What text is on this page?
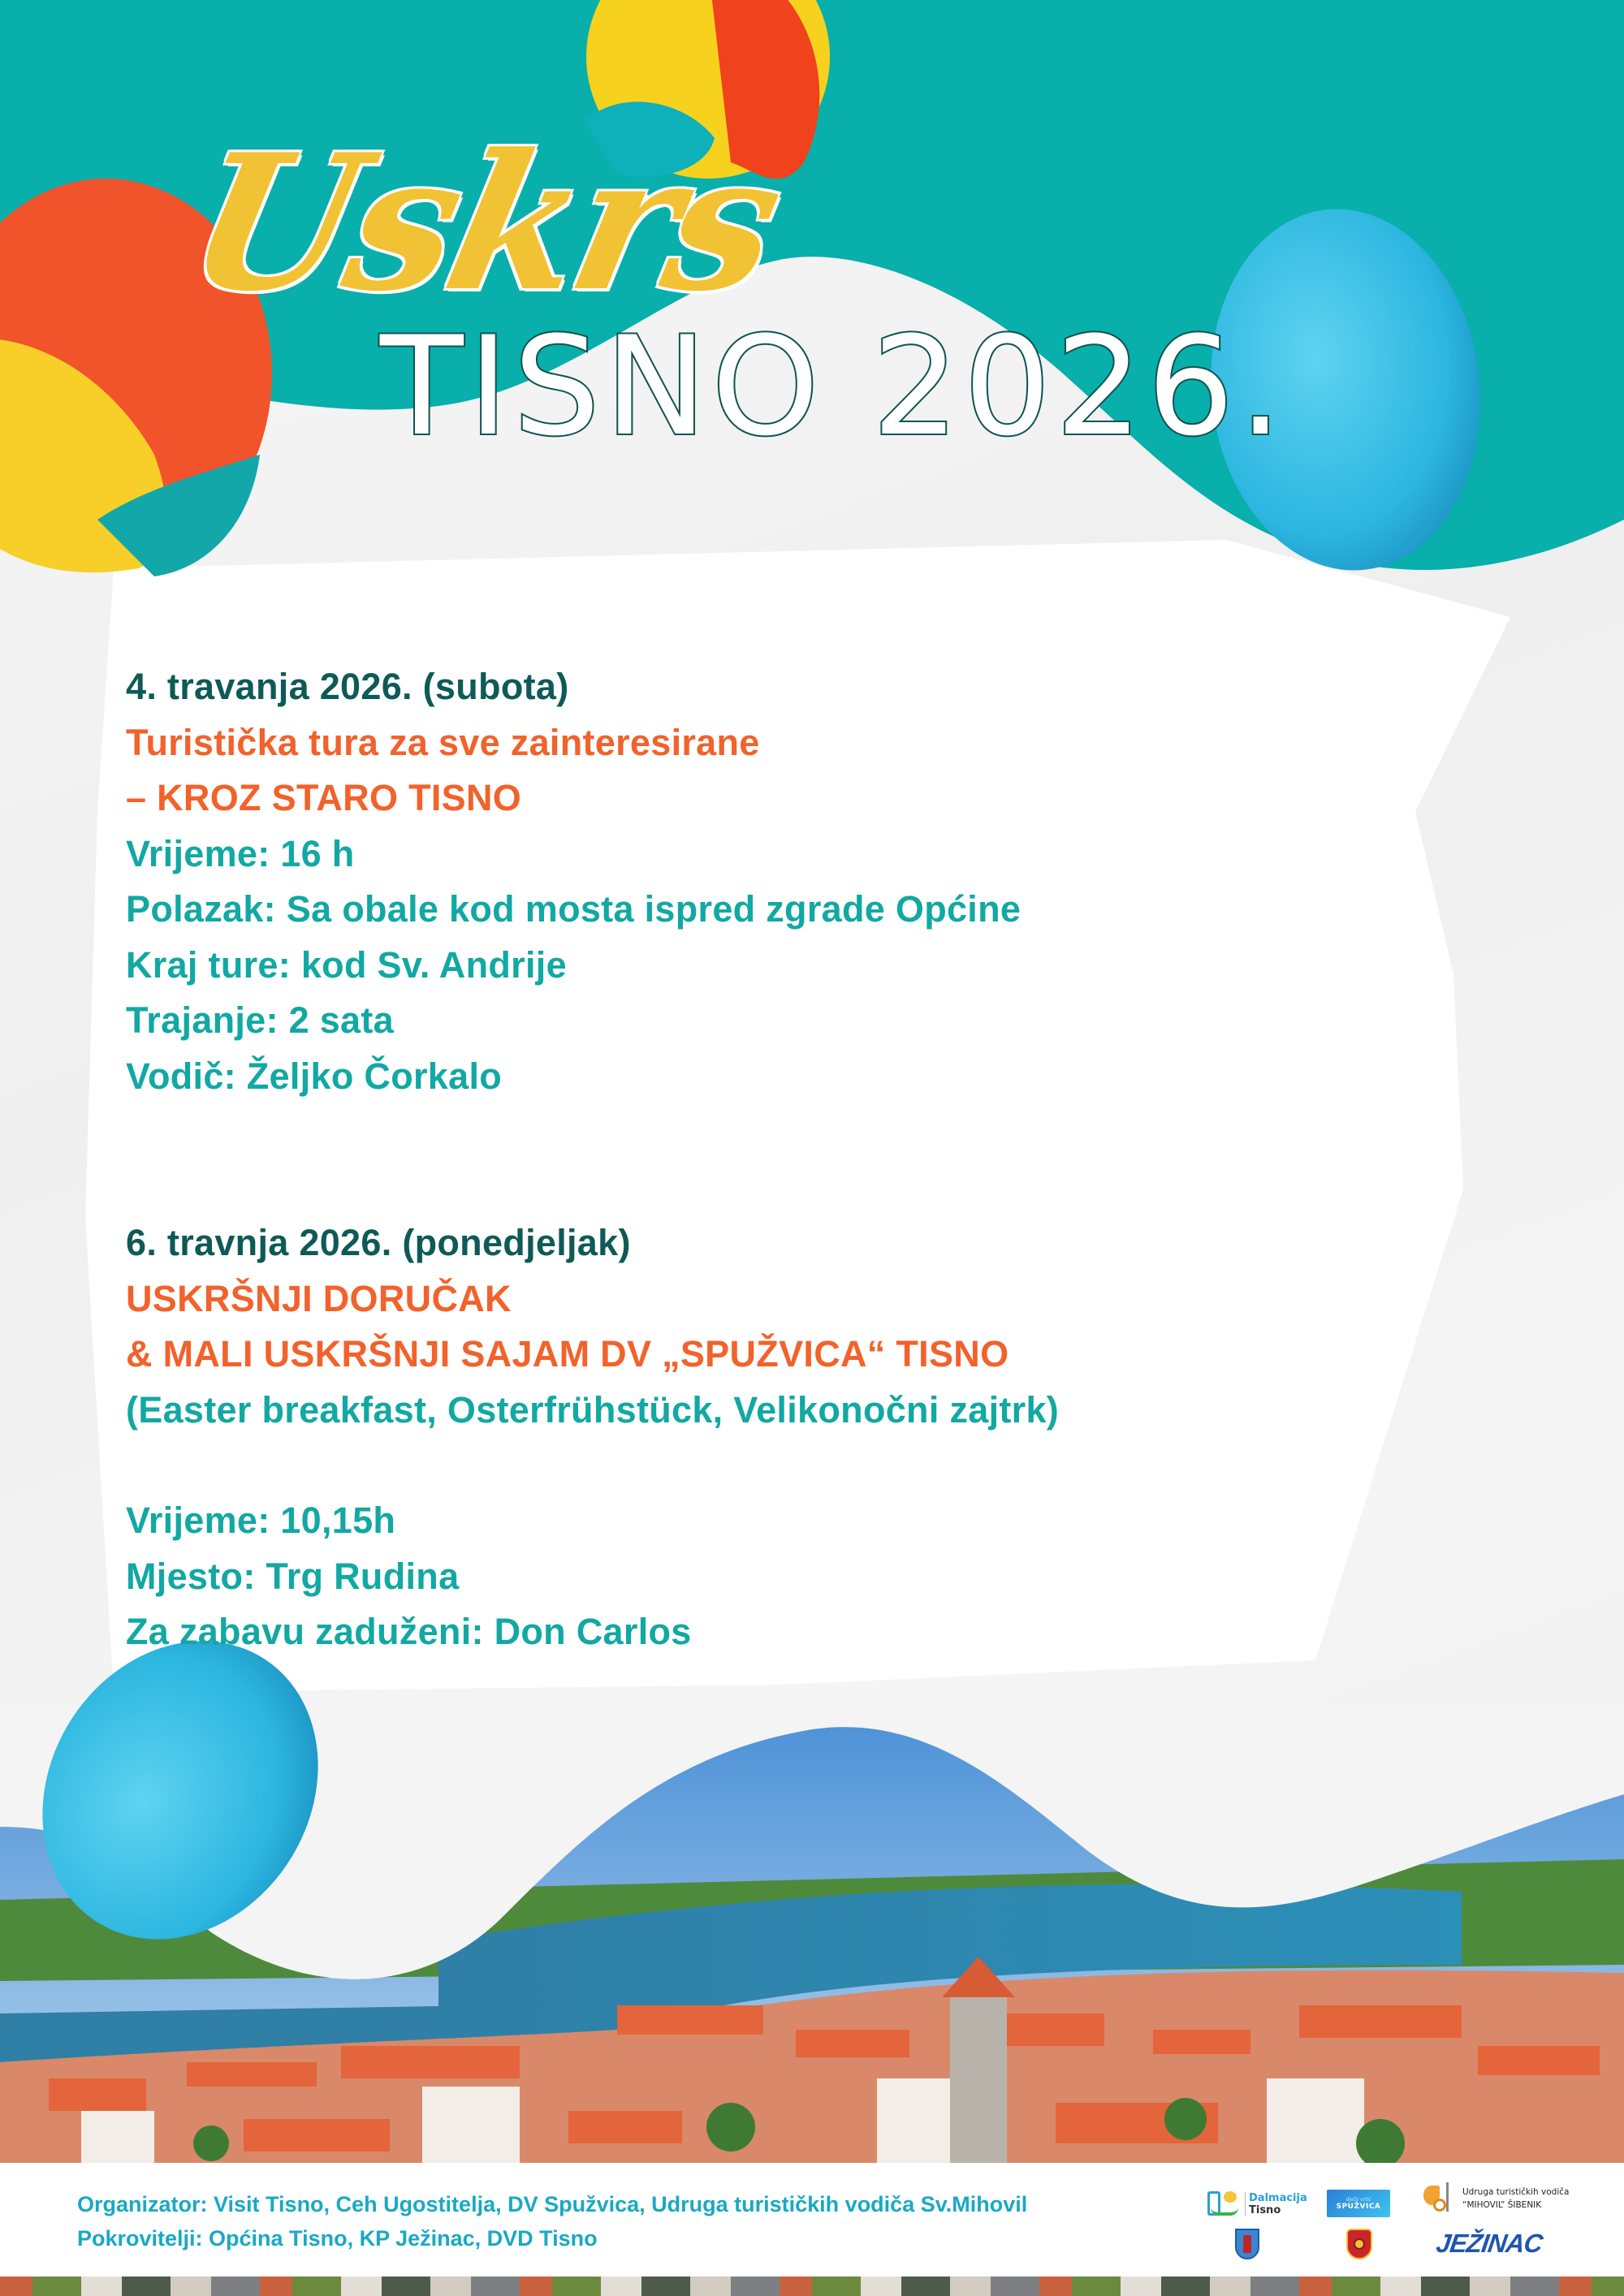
Uskrs
TISNO 2026.
4. travanja 2026. (subota)
Turistička tura za sve zainteresirane
– KROZ STARO TISNO
Vrijeme: 16 h
Polazak: Sa obale kod mosta ispred zgrade Općine
Kraj ture: kod Sv. Andrije
Trajanje: 2 sata
Vodič: Željko Čorkalo
6. travnja 2026. (ponedjeljak)
USKRŠNJI DORUČAK
& MALI USKRŠNJI SAJAM DV „SPUŽVICA“ TISNO
(Easter breakfast, Osterfrühstück, Velikonočni zajtrk)
Vrijeme: 10,15h
Mjesto: Trg Rudina
Za zabavu zaduženi: Don Carlos
Organizator: Visit Tisno, Ceh Ugostitelja, DV Spužvica, Udruga turističkih vodiča Sv.Mihovil
Pokrovitelji: Općina Tisno, KP Ježinac, DVD Tisno
Dalmacija
Tisno
dječji vrtić
SPUŽVICA
Udruga turističkih vodiča
“MIHOVIL” ŠIBENIK
JEŽINAC
